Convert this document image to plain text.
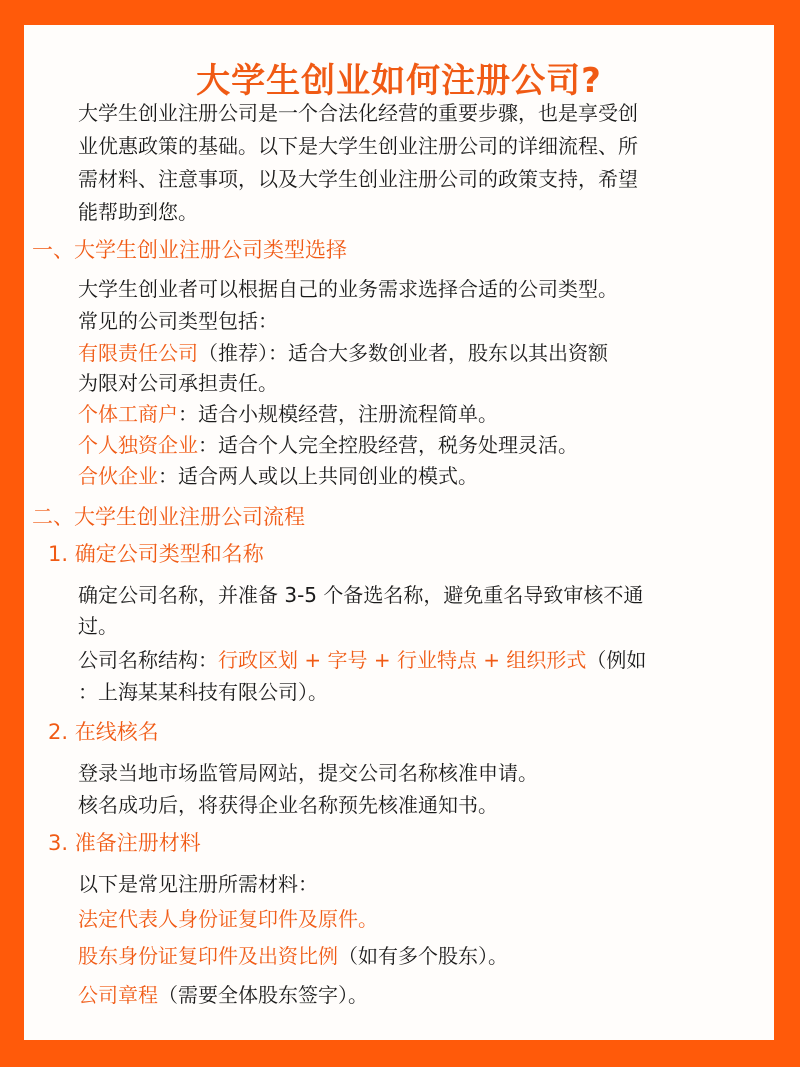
大学生创业如何注册公司?

大学生创业注册公司是一个合法化经营的重要步骤，也是享受创

业优惠政策的基础。以下是大学生创业注册公司的详细流程、所

需材料、注意事项，以及大学生创业注册公司的政策支持，希望

能帮助到您。

一、大学生创业注册公司类型选择

大学生创业者可以根据自己的业务需求选择合适的公司类型。

常见的公司类型包括：

有限责任公司（推荐）：适合大多数创业者，股东以其出资额

为限对公司承担责任。

个体工商户：适合小规模经营，注册流程简单。

个人独资企业：适合个人完全控股经营，税务处理灵活。

合伙企业：适合两人或以上共同创业的模式。

二、大学生创业注册公司流程

1. 确定公司类型和名称

确定公司名称，并准备 3-5 个备选名称，避免重名导致审核不通

过。

公司名称结构：行政区划 + 字号 + 行业特点 + 组织形式（例如

：上海某某科技有限公司）。

2. 在线核名

登录当地市场监管局网站，提交公司名称核准申请。

核名成功后，将获得企业名称预先核准通知书。

3. 准备注册材料

以下是常见注册所需材料：

法定代表人身份证复印件及原件。

股东身份证复印件及出资比例（如有多个股东）。

公司章程（需要全体股东签字）。
